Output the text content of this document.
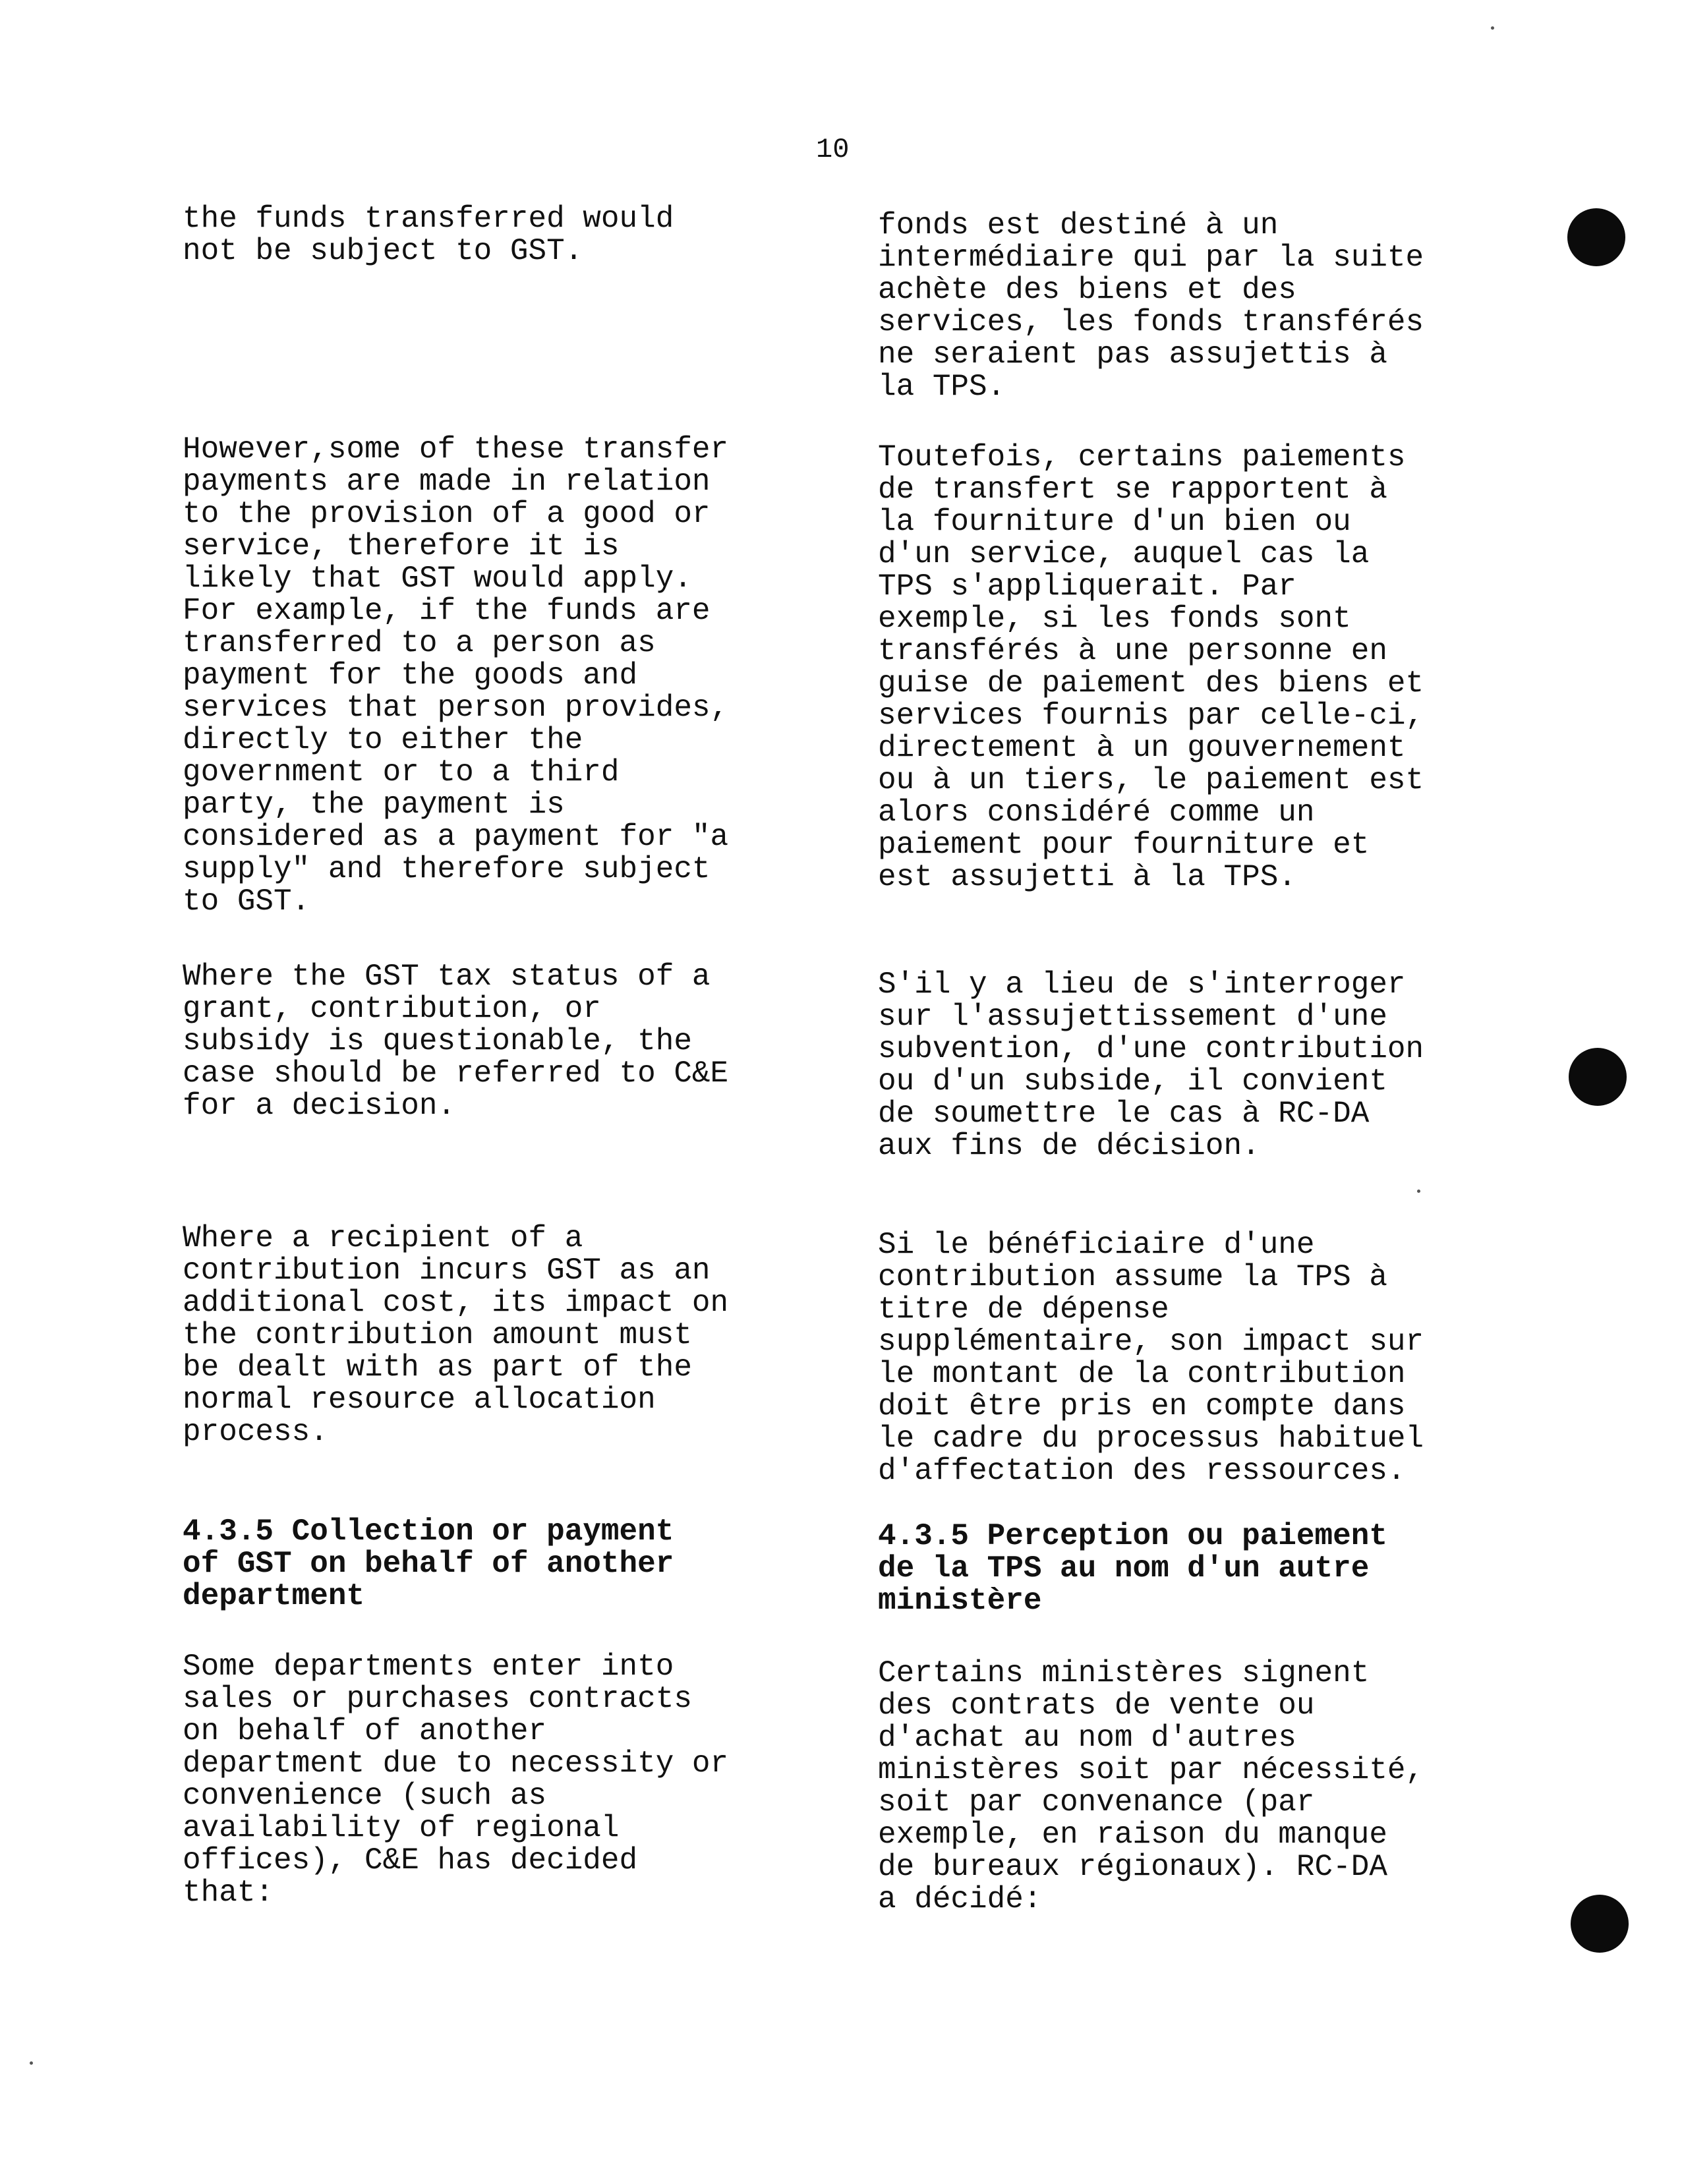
10

the funds transferred would
not be subject to GST.

However,some of these transfer
payments are made in relation
to the provision of a good or
service, therefore it is
likely that GST would apply.
For example, if the funds are
transferred to a person as
payment for the goods and
services that person provides,
directly to either the
government or to a third
party, the payment is
considered as a payment for "a
supply" and therefore subject
to GST.

Where the GST tax status of a
grant, contribution, or
subsidy is questionable, the
case should be referred to C&E
for a decision.

Where a recipient of a
contribution incurs GST as an
additional cost, its impact on
the contribution amount must
be dealt with as part of the
normal resource allocation
process.

4.3.5 Collection or payment
of GST on behalf of another
department

Some departments enter into
sales or purchases contracts
on behalf of another
department due to necessity or
convenience (such as
availability of regional
offices), C&E has decided
that:

fonds est destiné à un
intermédiaire qui par la suite
achète des biens et des
services, les fonds transférés
ne seraient pas assujettis à
la TPS.

Toutefois, certains paiements
de transfert se rapportent à
la fourniture d'un bien ou
d'un service, auquel cas la
TPS s'appliquerait. Par
exemple, si les fonds sont
transférés à une personne en
guise de paiement des biens et
services fournis par celle-ci,
directement à un gouvernement
ou à un tiers, le paiement est
alors considéré comme un
paiement pour fourniture et
est assujetti à la TPS.

S'il y a lieu de s'interroger
sur l'assujettissement d'une
subvention, d'une contribution
ou d'un subside, il convient
de soumettre le cas à RC-DA
aux fins de décision.

Si le bénéficiaire d'une
contribution assume la TPS à
titre de dépense
supplémentaire, son impact sur
le montant de la contribution
doit être pris en compte dans
le cadre du processus habituel
d'affectation des ressources.

4.3.5 Perception ou paiement
de la TPS au nom d'un autre
ministère

Certains ministères signent
des contrats de vente ou
d'achat au nom d'autres
ministères soit par nécessité,
soit par convenance (par
exemple, en raison du manque
de bureaux régionaux). RC-DA
a décidé:
